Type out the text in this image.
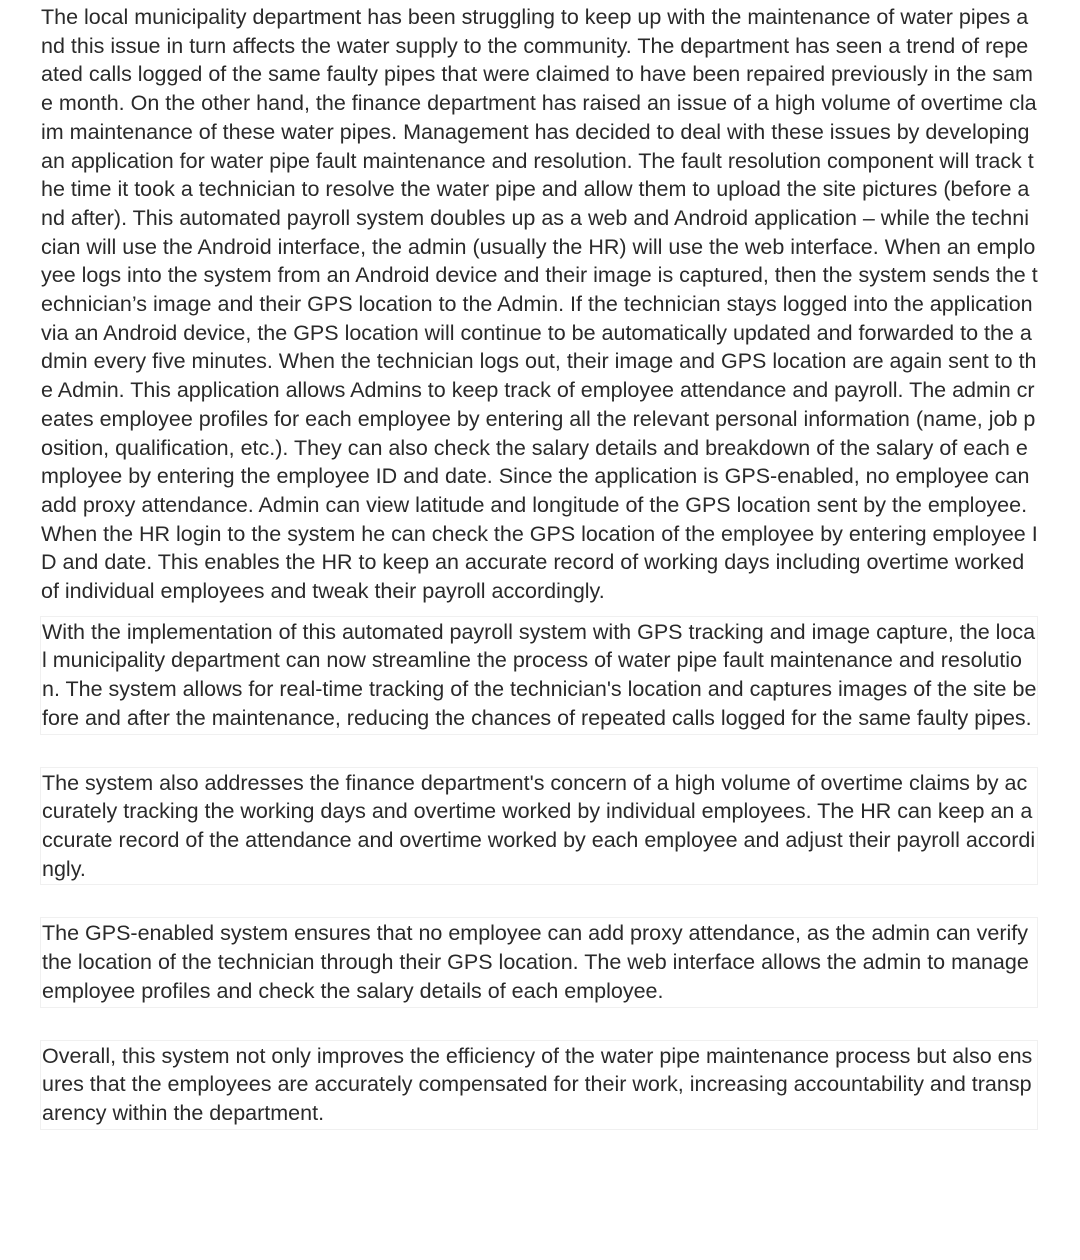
The local municipality department has been struggling to keep up with the maintenance of water pipes and this issue in turn affects the water supply to the community. The department has seen a trend of repeated calls logged of the same faulty pipes that were claimed to have been repaired previously in the same month. On the other hand, the finance department has raised an issue of a high volume of overtime claim maintenance of these water pipes. Management has decided to deal with these issues by developing an application for water pipe fault maintenance and resolution. The fault resolution component will track the time it took a technician to resolve the water pipe and allow them to upload the site pictures (before and after). This automated payroll system doubles up as a web and Android application – while the technician will use the Android interface, the admin (usually the HR) will use the web interface. When an employee logs into the system from an Android device and their image is captured, then the system sends the technician’s image and their GPS location to the Admin. If the technician stays logged into the application via an Android device, the GPS location will continue to be automatically updated and forwarded to the admin every five minutes. When the technician logs out, their image and GPS location are again sent to the Admin. This application allows Admins to keep track of employee attendance and payroll. The admin creates employee profiles for each employee by entering all the relevant personal information (name, job position, qualification, etc.). They can also check the salary details and breakdown of the salary of each employee by entering the employee ID and date. Since the application is GPS-enabled, no employee can add proxy attendance. Admin can view latitude and longitude of the GPS location sent by the employee. When the HR login to the system he can check the GPS location of the employee by entering employee ID and date. This enables the HR to keep an accurate record of working days including overtime worked of individual employees and tweak their payroll accordingly.

With the implementation of this automated payroll system with GPS tracking and image capture, the local municipality department can now streamline the process of water pipe fault maintenance and resolution. The system allows for real-time tracking of the technician's location and captures images of the site before and after the maintenance, reducing the chances of repeated calls logged for the same faulty pipes.

The system also addresses the finance department's concern of a high volume of overtime claims by accurately tracking the working days and overtime worked by individual employees. The HR can keep an accurate record of the attendance and overtime worked by each employee and adjust their payroll accordingly.

The GPS-enabled system ensures that no employee can add proxy attendance, as the admin can verify the location of the technician through their GPS location. The web interface allows the admin to manage employee profiles and check the salary details of each employee.

Overall, this system not only improves the efficiency of the water pipe maintenance process but also ensures that the employees are accurately compensated for their work, increasing accountability and transparency within the department.
